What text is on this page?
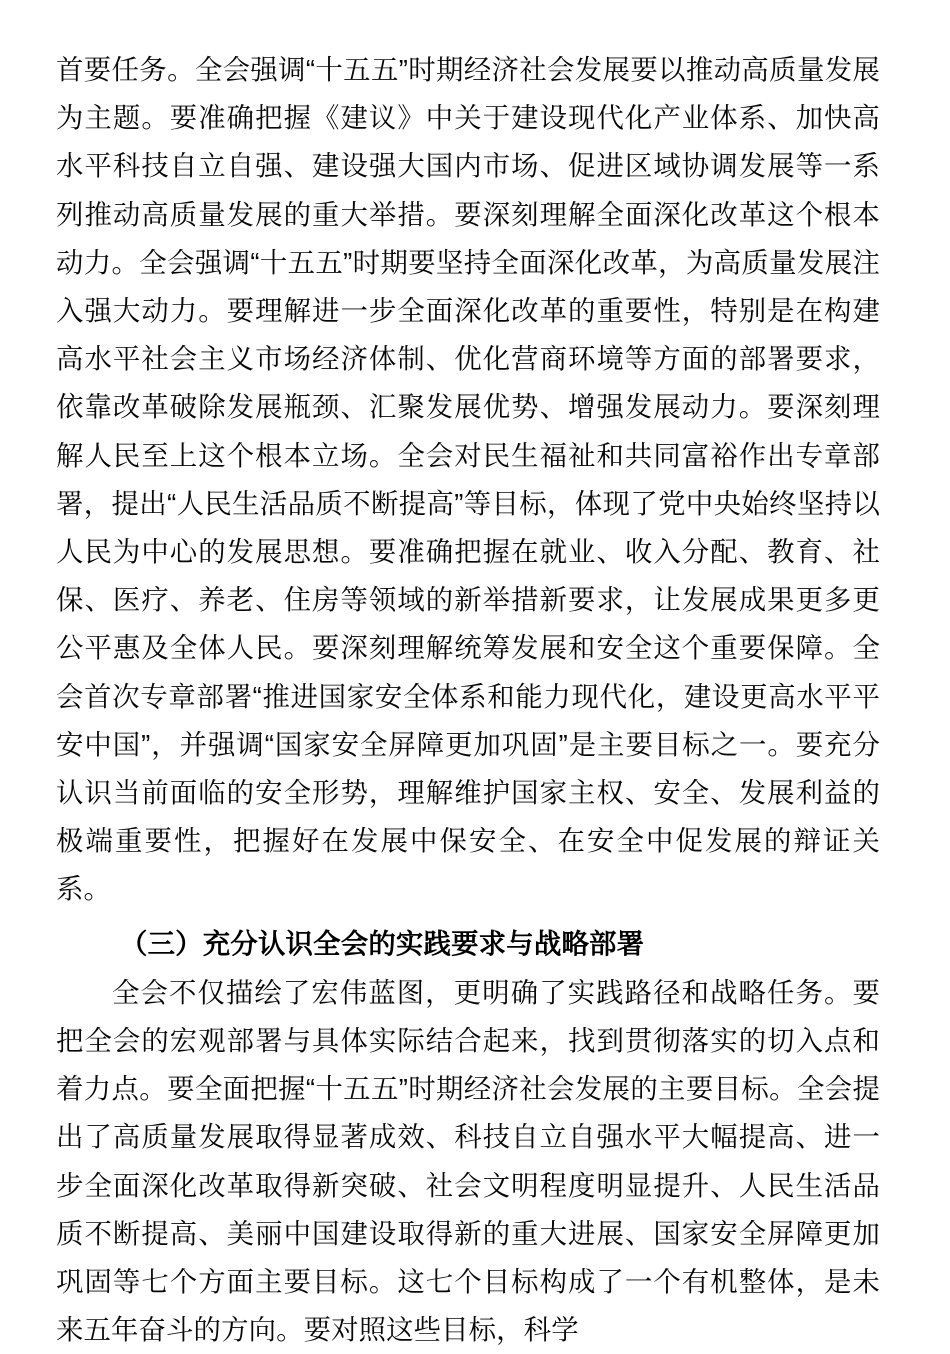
首要任务。全会强调“十五五”时期经济社会发展要以推动高质量发展为主题。要准确把握《建议》中关于建设现代化产业体系、加快高水平科技自立自强、建设强大国内市场、促进区域协调发展等一系列推动高质量发展的重大举措。要深刻理解全面深化改革这个根本动力。全会强调“十五五”时期要坚持全面深化改革，为高质量发展注入强大动力。要理解进一步全面深化改革的重要性，特别是在构建高水平社会主义市场经济体制、优化营商环境等方面的部署要求，依靠改革破除发展瓶颈、汇聚发展优势、增强发展动力。要深刻理解人民至上这个根本立场。全会对民生福祉和共同富裕作出专章部署，提出“人民生活品质不断提高”等目标，体现了党中央始终坚持以人民为中心的发展思想。要准确把握在就业、收入分配、教育、社保、医疗、养老、住房等领域的新举措新要求，让发展成果更多更公平惠及全体人民。要深刻理解统筹发展和安全这个重要保障。全会首次专章部署“推进国家安全体系和能力现代化，建设更高水平平安中国”，并强调“国家安全屏障更加巩固”是主要目标之一。要充分认识当前面临的安全形势，理解维护国家主权、安全、发展利益的极端重要性，把握好在发展中保安全、在安全中促发展的辩证关系。

（三）充分认识全会的实践要求与战略部署

全会不仅描绘了宏伟蓝图，更明确了实践路径和战略任务。要把全会的宏观部署与具体实际结合起来，找到贯彻落实的切入点和着力点。要全面把握“十五五”时期经济社会发展的主要目标。全会提出了高质量发展取得显著成效、科技自立自强水平大幅提高、进一步全面深化改革取得新突破、社会文明程度明显提升、人民生活品质不断提高、美丽中国建设取得新的重大进展、国家安全屏障更加巩固等七个方面主要目标。这七个目标构成了一个有机整体，是未来五年奋斗的方向。要对照这些目标，科学
